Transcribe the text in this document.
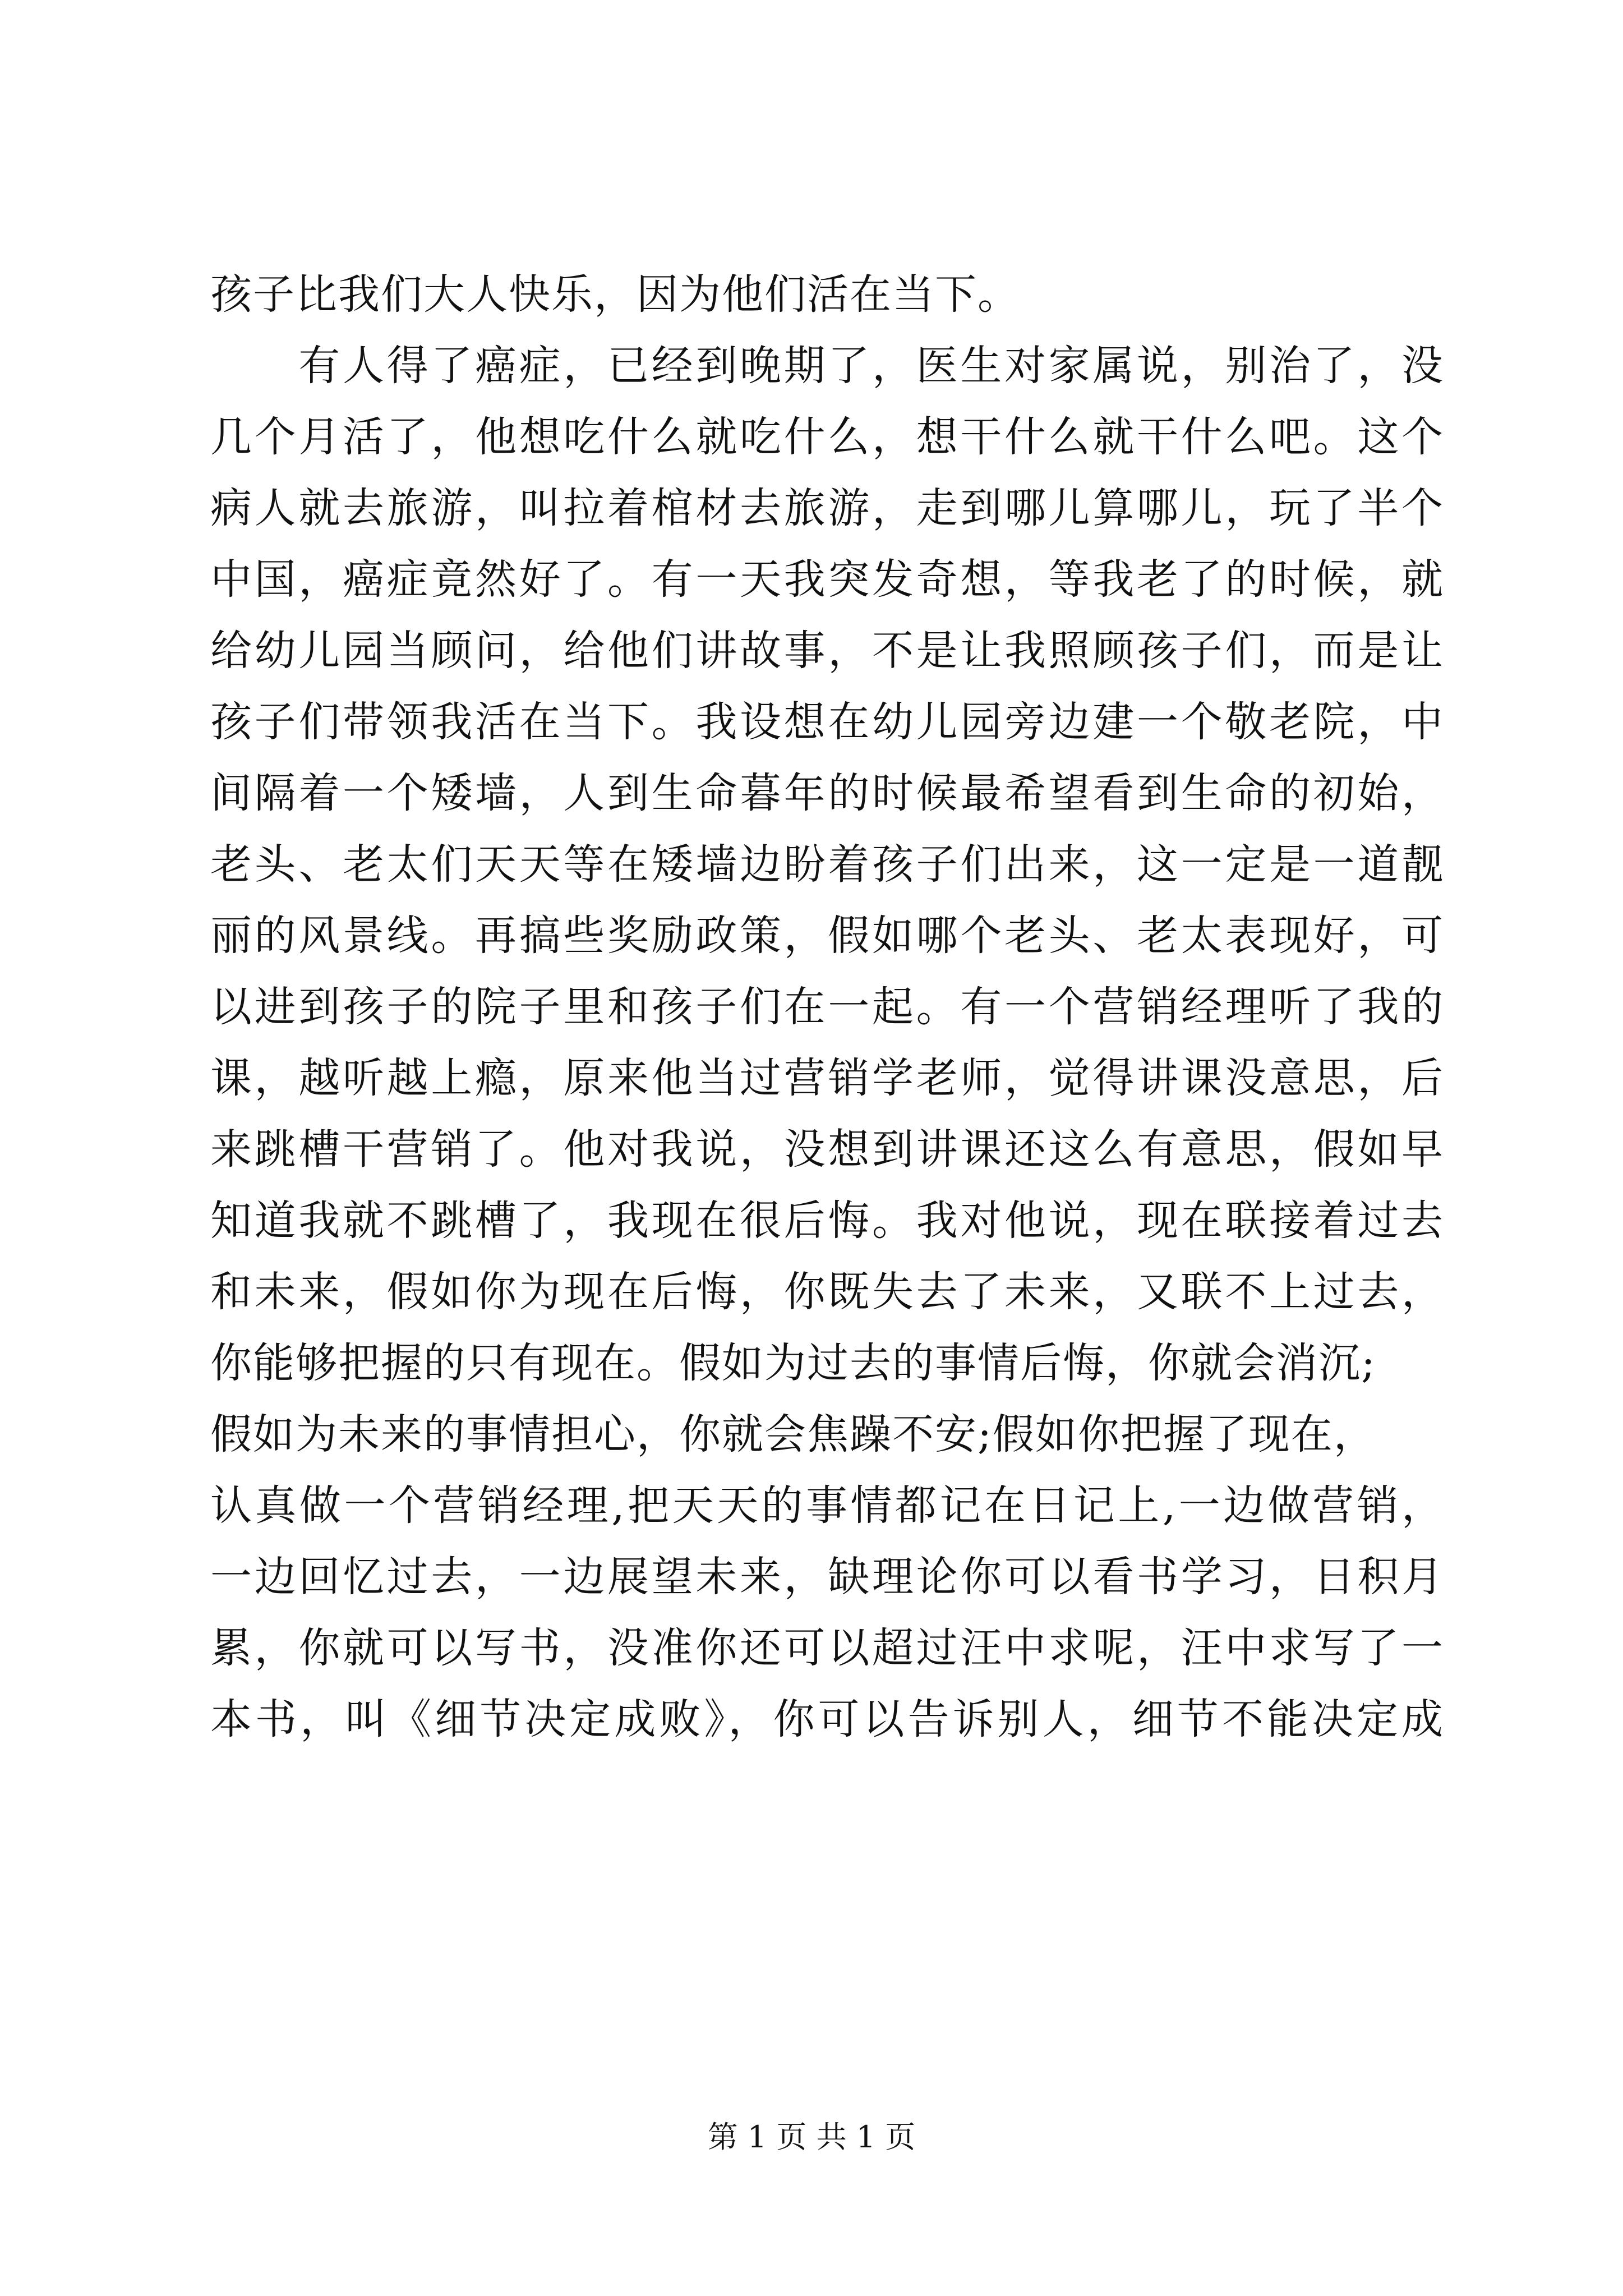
孩子比我们大人快乐，因为他们活在当下。
　　有人得了癌症，已经到晚期了，医生对家属说，别治了，没
几个月活了，他想吃什么就吃什么，想干什么就干什么吧。这个
病人就去旅游，叫拉着棺材去旅游，走到哪儿算哪儿，玩了半个
中国，癌症竟然好了。有一天我突发奇想，等我老了的时候，就
给幼儿园当顾问，给他们讲故事，不是让我照顾孩子们，而是让
孩子们带领我活在当下。我设想在幼儿园旁边建一个敬老院，中
间隔着一个矮墙，人到生命暮年的时候最希望看到生命的初始，
老头、老太们天天等在矮墙边盼着孩子们出来，这一定是一道靓
丽的风景线。再搞些奖励政策，假如哪个老头、老太表现好，可
以进到孩子的院子里和孩子们在一起。有一个营销经理听了我的
课，越听越上瘾，原来他当过营销学老师，觉得讲课没意思，后
来跳槽干营销了。他对我说，没想到讲课还这么有意思，假如早
知道我就不跳槽了，我现在很后悔。我对他说，现在联接着过去
和未来，假如你为现在后悔，你既失去了未来，又联不上过去，
你能够把握的只有现在。假如为过去的事情后悔，你就会消沉;
假如为未来的事情担心，你就会焦躁不安;假如你把握了现在，
认真做一个营销经理,把天天的事情都记在日记上,一边做营销，
一边回忆过去，一边展望未来，缺理论你可以看书学习，日积月
累，你就可以写书，没准你还可以超过汪中求呢，汪中求写了一
本书，叫《细节决定成败》，你可以告诉别人，细节不能决定成
第 1 页 共 1 页
